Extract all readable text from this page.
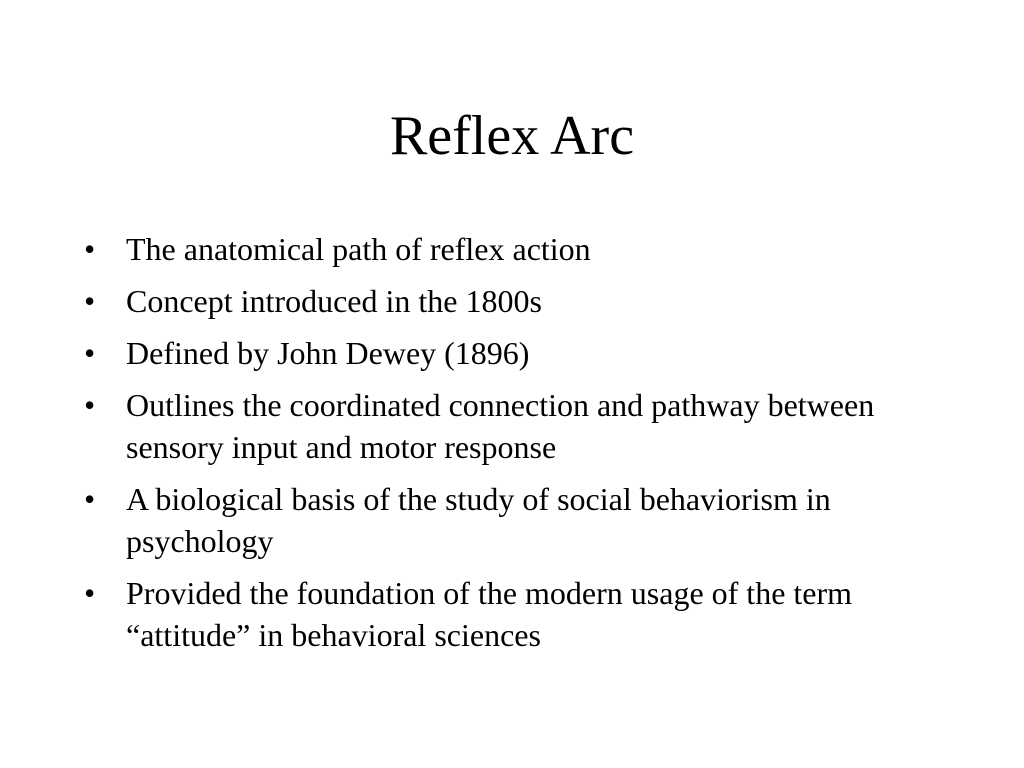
Reflex Arc
• The anatomical path of reflex action
• Concept introduced in the 1800s
• Defined by John Dewey (1896)
• Outlines the coordinated connection and pathway between sensory input and motor response
• A biological basis of the study of social behaviorism in psychology
• Provided the foundation of the modern usage of the term “attitude” in behavioral sciences
